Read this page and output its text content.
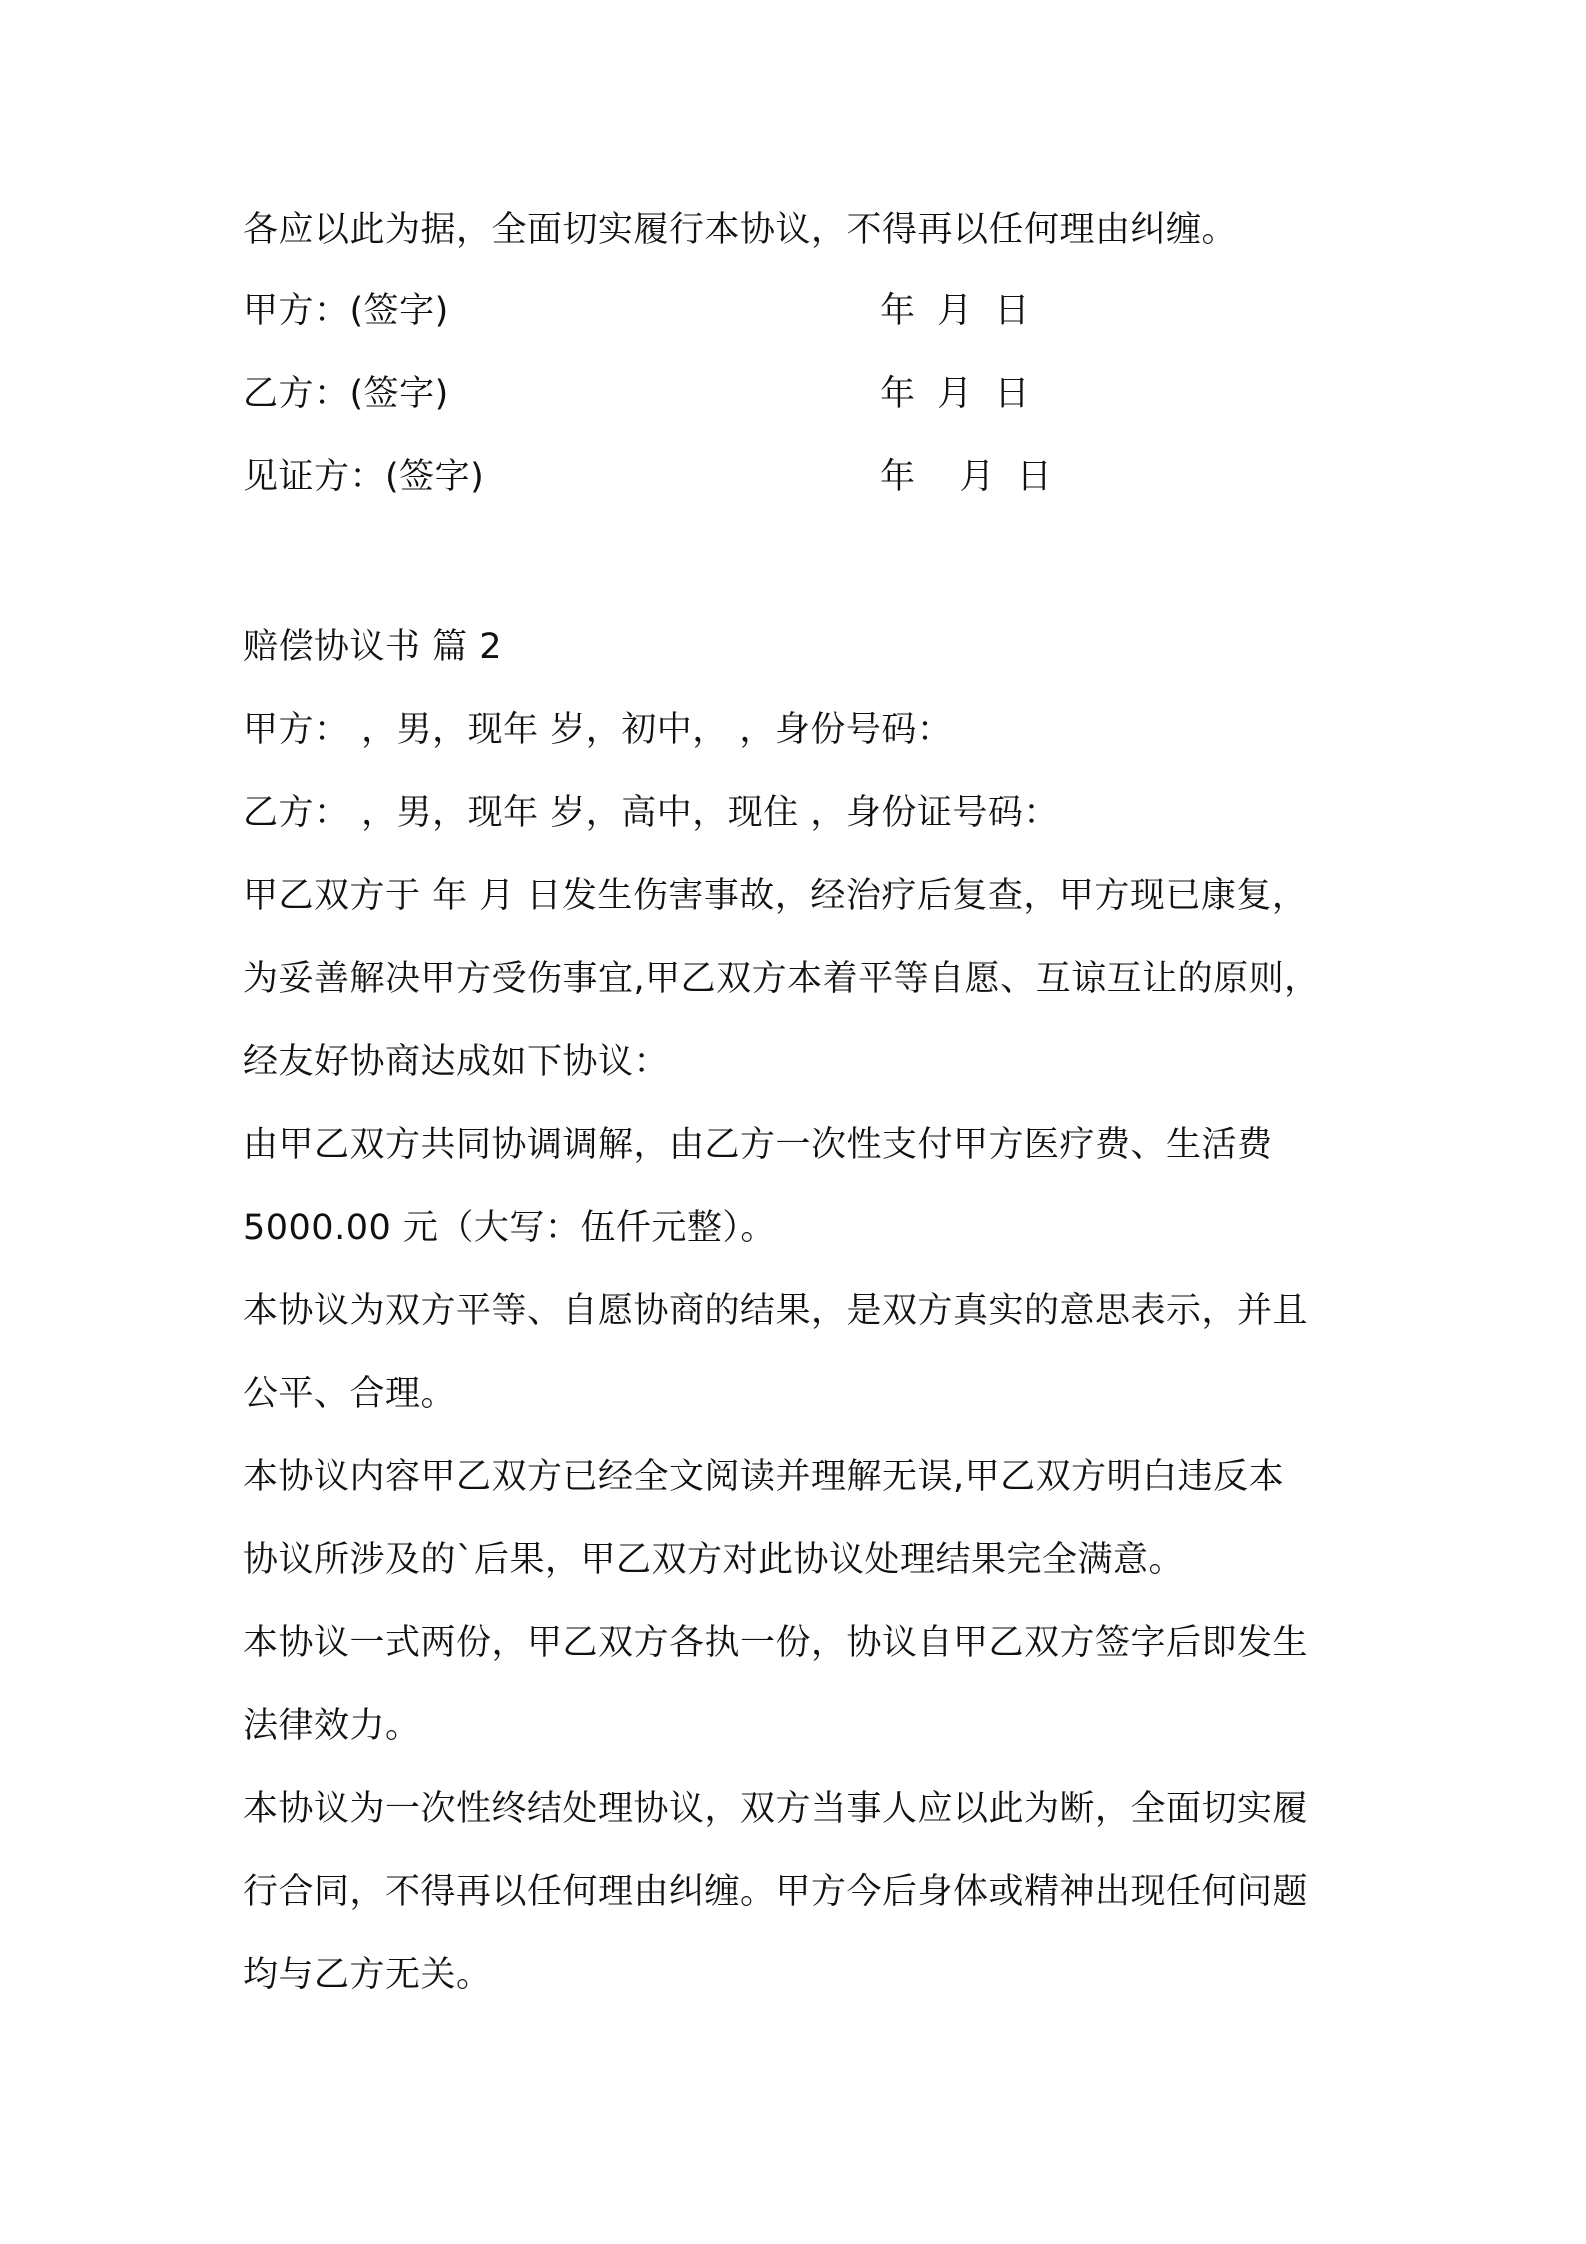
各应以此为据，全面切实履行本协议，不得再以任何理由纠缠。
甲方：(签字)	年  月  日
乙方：(签字)	年  月  日
见证方：(签字)	年    月  日
赔偿协议书 篇 2
甲方： ，男，现年 岁，初中， ，身份号码：
乙方： ，男，现年 岁，高中，现住 ，身份证号码：
甲乙双方于 年 月 日发生伤害事故，经治疗后复查，甲方现已康复，
为妥善解决甲方受伤事宜,甲乙双方本着平等自愿、互谅互让的原则，
经友好协商达成如下协议：
由甲乙双方共同协调调解，由乙方一次性支付甲方医疗费、生活费
5000.00 元（大写：伍仟元整）。
本协议为双方平等、自愿协商的结果，是双方真实的意思表示，并且
公平、合理。
本协议内容甲乙双方已经全文阅读并理解无误,甲乙双方明白违反本
协议所涉及的`后果，甲乙双方对此协议处理结果完全满意。
本协议一式两份，甲乙双方各执一份，协议自甲乙双方签字后即发生
法律效力。
本协议为一次性终结处理协议，双方当事人应以此为断，全面切实履
行合同，不得再以任何理由纠缠。甲方今后身体或精神出现任何问题
均与乙方无关。
